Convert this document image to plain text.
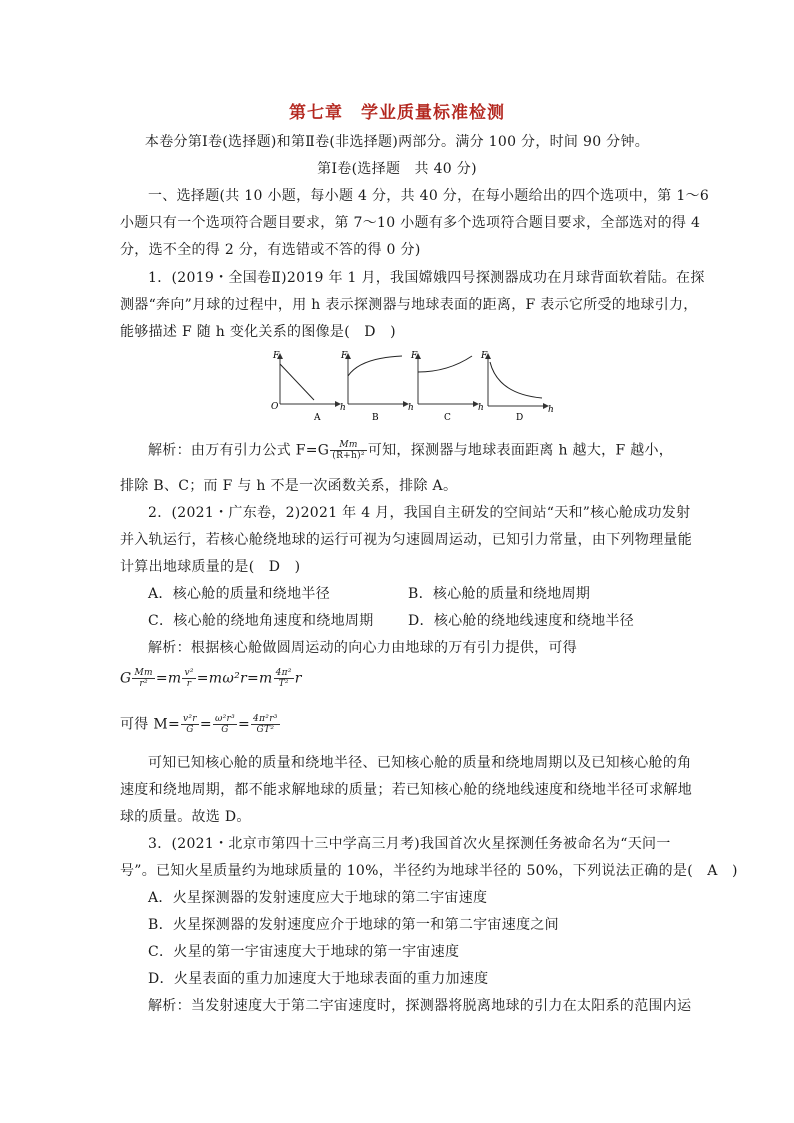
第七章　学业质量标准检测
本卷分第Ⅰ卷(选择题)和第Ⅱ卷(非选择题)两部分。满分 100 分，时间 90 分钟。
第Ⅰ卷(选择题　共 40 分)
一、选择题(共 10 小题，每小题 4 分，共 40 分，在每小题给出的四个选项中，第 1～6
小题只有一个选项符合题目要求，第 7～10 小题有多个选项符合题目要求，全部选对的得 4
分，选不全的得 2 分，有选错或不答的得 0 分)
1．(2019・全国卷Ⅱ)2019 年 1 月，我国嫦娥四号探测器成功在月球背面软着陆。在探
测器“奔向”月球的过程中，用 h 表示探测器与地球表面的距离，F 表示它所受的地球引力，
能够描述 F 随 h 变化关系的图像是(　D　)
F
h
O
A
F
h
B
F
h
C
F
h
D
解析：由万有引力公式 $F=G \frac{Mm}{\text{(R+h)²}}$ 可知，探测器与地球表面距离 h 越大，F 越小，
排除 B、C；而 F 与 h 不是一次函数关系，排除 A。
2．(2021・广东卷，2)2021 年 4 月，我国自主研发的空间站“天和”核心舱成功发射
并入轨运行，若核心舱绕地球的运行可视为匀速圆周运动，已知引力常量，由下列物理量能
计算出地球质量的是(　D　)
A．核心舱的质量和绕地半径	B．核心舱的质量和绕地周期
C．核心舱的绕地角速度和绕地周期 D．核心舱的绕地线速度和绕地半径
解析：根据核心舱做圆周运动的向心力由地球的万有引力提供，可得
G $\frac{Mm}{\text{r²}} =m \frac{\text{v²}}{r} =m\omega^2r=m \frac{\text{4π²}}{\text{T²}}$ r
可得 $M= \frac{\text{v²r}}{G} = \frac{\text{ω²r³}}{G} = \frac{\text{4π²r³}}{\text{GT²}}$
可知已知核心舱的质量和绕地半径、已知核心舱的质量和绕地周期以及已知核心舱的角
速度和绕地周期，都不能求解地球的质量；若已知核心舱的绕地线速度和绕地半径可求解地
球的质量。故选 D。
3．(2021・北京市第四十三中学高三月考)我国首次火星探测任务被命名为“天问一
号”。已知火星质量约为地球质量的 10%，半径约为地球半径的 50%，下列说法正确的是(　A　)
A．火星探测器的发射速度应大于地球的第二宇宙速度
B．火星探测器的发射速度应介于地球的第一和第二宇宙速度之间
C．火星的第一宇宙速度大于地球的第一宇宙速度
D．火星表面的重力加速度大于地球表面的重力加速度
解析：当发射速度大于第二宇宙速度时，探测器将脱离地球的引力在太阳系的范围内运
